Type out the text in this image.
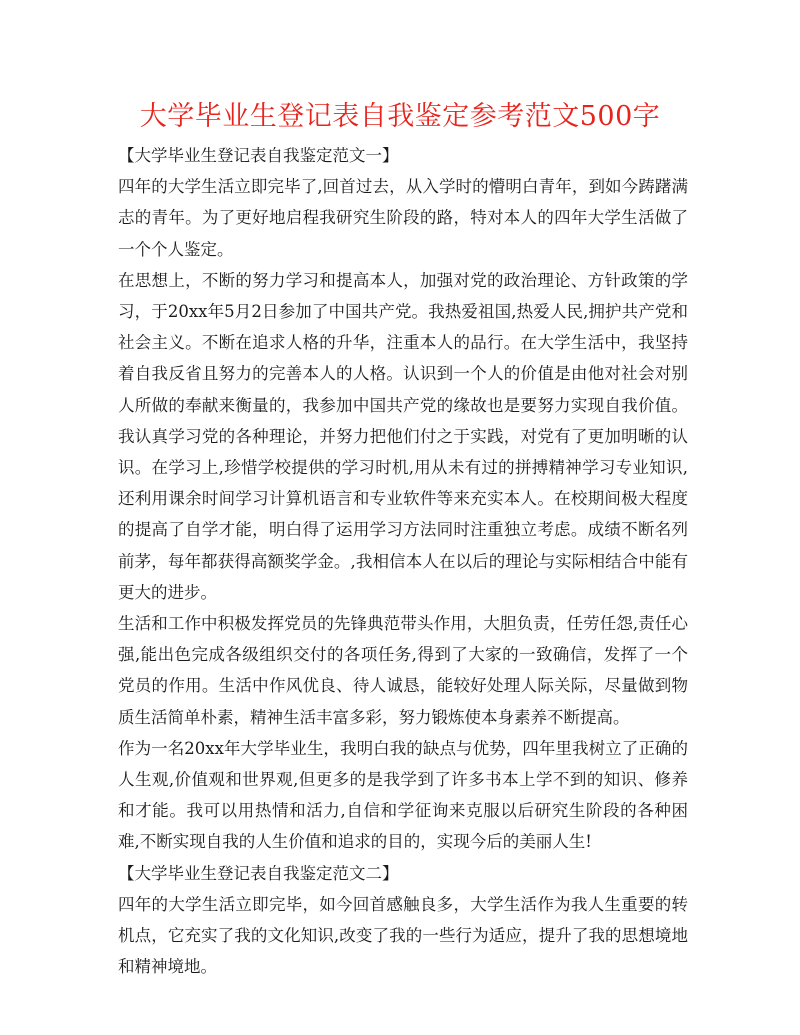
大学毕业生登记表自我鉴定参考范文500字

【大学毕业生登记表自我鉴定范文一】

四年的大学生活立即完毕了,回首过去，从入学时的懵明白青年，到如今踌躇满志的青年。为了更好地启程我研究生阶段的路，特对本人的四年大学生活做了一个个人鉴定。

在思想上，不断的努力学习和提高本人，加强对党的政治理论、方针政策的学习，于20xx年5月2日参加了中国共产党。我热爱祖国,热爱人民,拥护共产党和社会主义。不断在追求人格的升华，注重本人的品行。在大学生活中，我坚持着自我反省且努力的完善本人的人格。认识到一个人的价值是由他对社会对别人所做的奉献来衡量的，我参加中国共产党的缘故也是要努力实现自我价值。我认真学习党的各种理论，并努力把他们付之于实践，对党有了更加明晰的认识。在学习上,珍惜学校提供的学习时机,用从未有过的拼搏精神学习专业知识,还利用课余时间学习计算机语言和专业软件等来充实本人。在校期间极大程度的提高了自学才能，明白得了运用学习方法同时注重独立考虑。成绩不断名列前茅，每年都获得高额奖学金。,我相信本人在以后的理论与实际相结合中能有更大的进步。

生活和工作中积极发挥党员的先锋典范带头作用，大胆负责，任劳任怨,责任心强,能出色完成各级组织交付的各项任务,得到了大家的一致确信，发挥了一个党员的作用。生活中作风优良、待人诚恳，能较好处理人际关际，尽量做到物质生活简单朴素，精神生活丰富多彩，努力锻炼使本身素养不断提高。

作为一名20xx年大学毕业生，我明白我的缺点与优势，四年里我树立了正确的人生观,价值观和世界观,但更多的是我学到了许多书本上学不到的知识、修养和才能。我可以用热情和活力,自信和学征询来克服以后研究生阶段的各种困难,不断实现自我的人生价值和追求的目的，实现今后的美丽人生!

【大学毕业生登记表自我鉴定范文二】

四年的大学生活立即完毕，如今回首感触良多，大学生活作为我人生重要的转机点，它充实了我的文化知识,改变了我的一些行为适应，提升了我的思想境地和精神境地。
